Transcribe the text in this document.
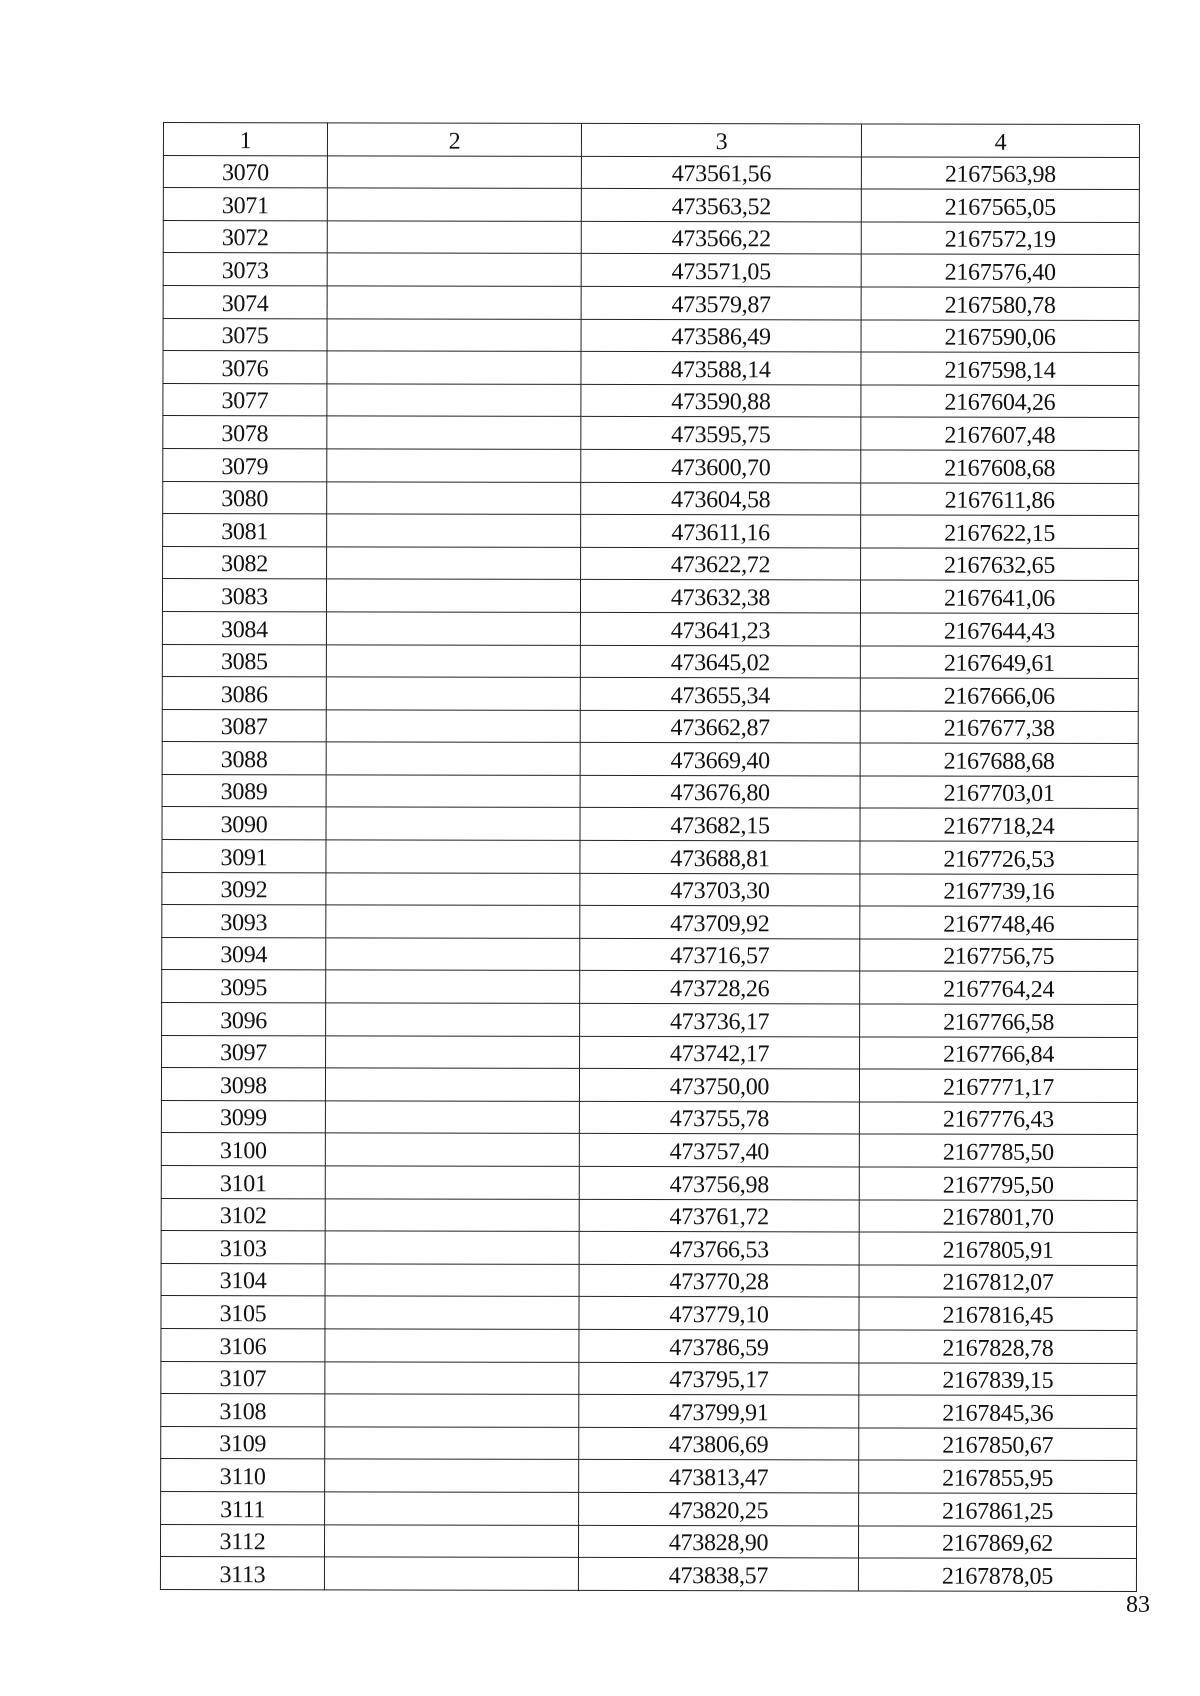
1	2	3	4
3070		473561,56	2167563,98
3071		473563,52	2167565,05
3072		473566,22	2167572,19
3073		473571,05	2167576,40
3074		473579,87	2167580,78
3075		473586,49	2167590,06
3076		473588,14	2167598,14
3077		473590,88	2167604,26
3078		473595,75	2167607,48
3079		473600,70	2167608,68
3080		473604,58	2167611,86
3081		473611,16	2167622,15
3082		473622,72	2167632,65
3083		473632,38	2167641,06
3084		473641,23	2167644,43
3085		473645,02	2167649,61
3086		473655,34	2167666,06
3087		473662,87	2167677,38
3088		473669,40	2167688,68
3089		473676,80	2167703,01
3090		473682,15	2167718,24
3091		473688,81	2167726,53
3092		473703,30	2167739,16
3093		473709,92	2167748,46
3094		473716,57	2167756,75
3095		473728,26	2167764,24
3096		473736,17	2167766,58
3097		473742,17	2167766,84
3098		473750,00	2167771,17
3099		473755,78	2167776,43
3100		473757,40	2167785,50
3101		473756,98	2167795,50
3102		473761,72	2167801,70
3103		473766,53	2167805,91
3104		473770,28	2167812,07
3105		473779,10	2167816,45
3106		473786,59	2167828,78
3107		473795,17	2167839,15
3108		473799,91	2167845,36
3109		473806,69	2167850,67
3110		473813,47	2167855,95
3111		473820,25	2167861,25
3112		473828,90	2167869,62
3113		473838,57	2167878,05
83
